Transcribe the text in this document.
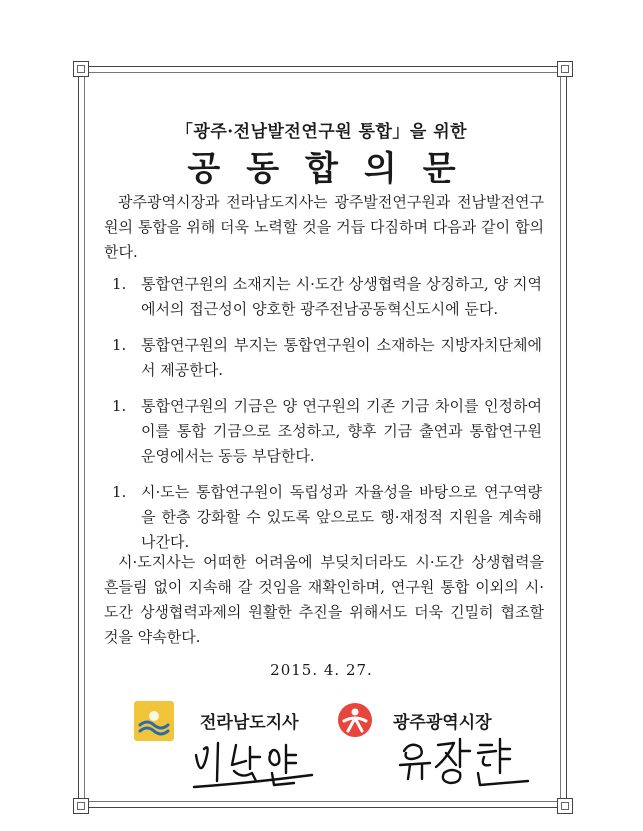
「광주·전남발전연구원 통합」을 위한
공동합의문

광주광역시장과 전라남도지사는 광주발전연구원과 전남발전연구원의 통합을 위해 더욱 노력할 것을 거듭 다짐하며 다음과 같이 합의한다.

1. 통합연구원의 소재지는 시·도간 상생협력을 상징하고, 양 지역에서의 접근성이 양호한 광주전남공동혁신도시에 둔다.
1. 통합연구원의 부지는 통합연구원이 소재하는 지방자치단체에서 제공한다.
1. 통합연구원의 기금은 양 연구원의 기존 기금 차이를 인정하여 이를 통합 기금으로 조성하고, 향후 기금 출연과 통합연구원 운영에서는 동등 부담한다.
1. 시·도는 통합연구원이 독립성과 자율성을 바탕으로 연구역량을 한층 강화할 수 있도록 앞으로도 행·재정적 지원을 계속해 나간다.

시·도지사는 어떠한 어려움에 부딪치더라도 시·도간 상생협력을 흔들림 없이 지속해 갈 것임을 재확인하며, 연구원 통합 이외의 시·도간 상생협력과제의 원활한 추진을 위해서도 더욱 긴밀히 협조할 것을 약속한다.

2015. 4. 27.
전라남도지사	광주광역시장
